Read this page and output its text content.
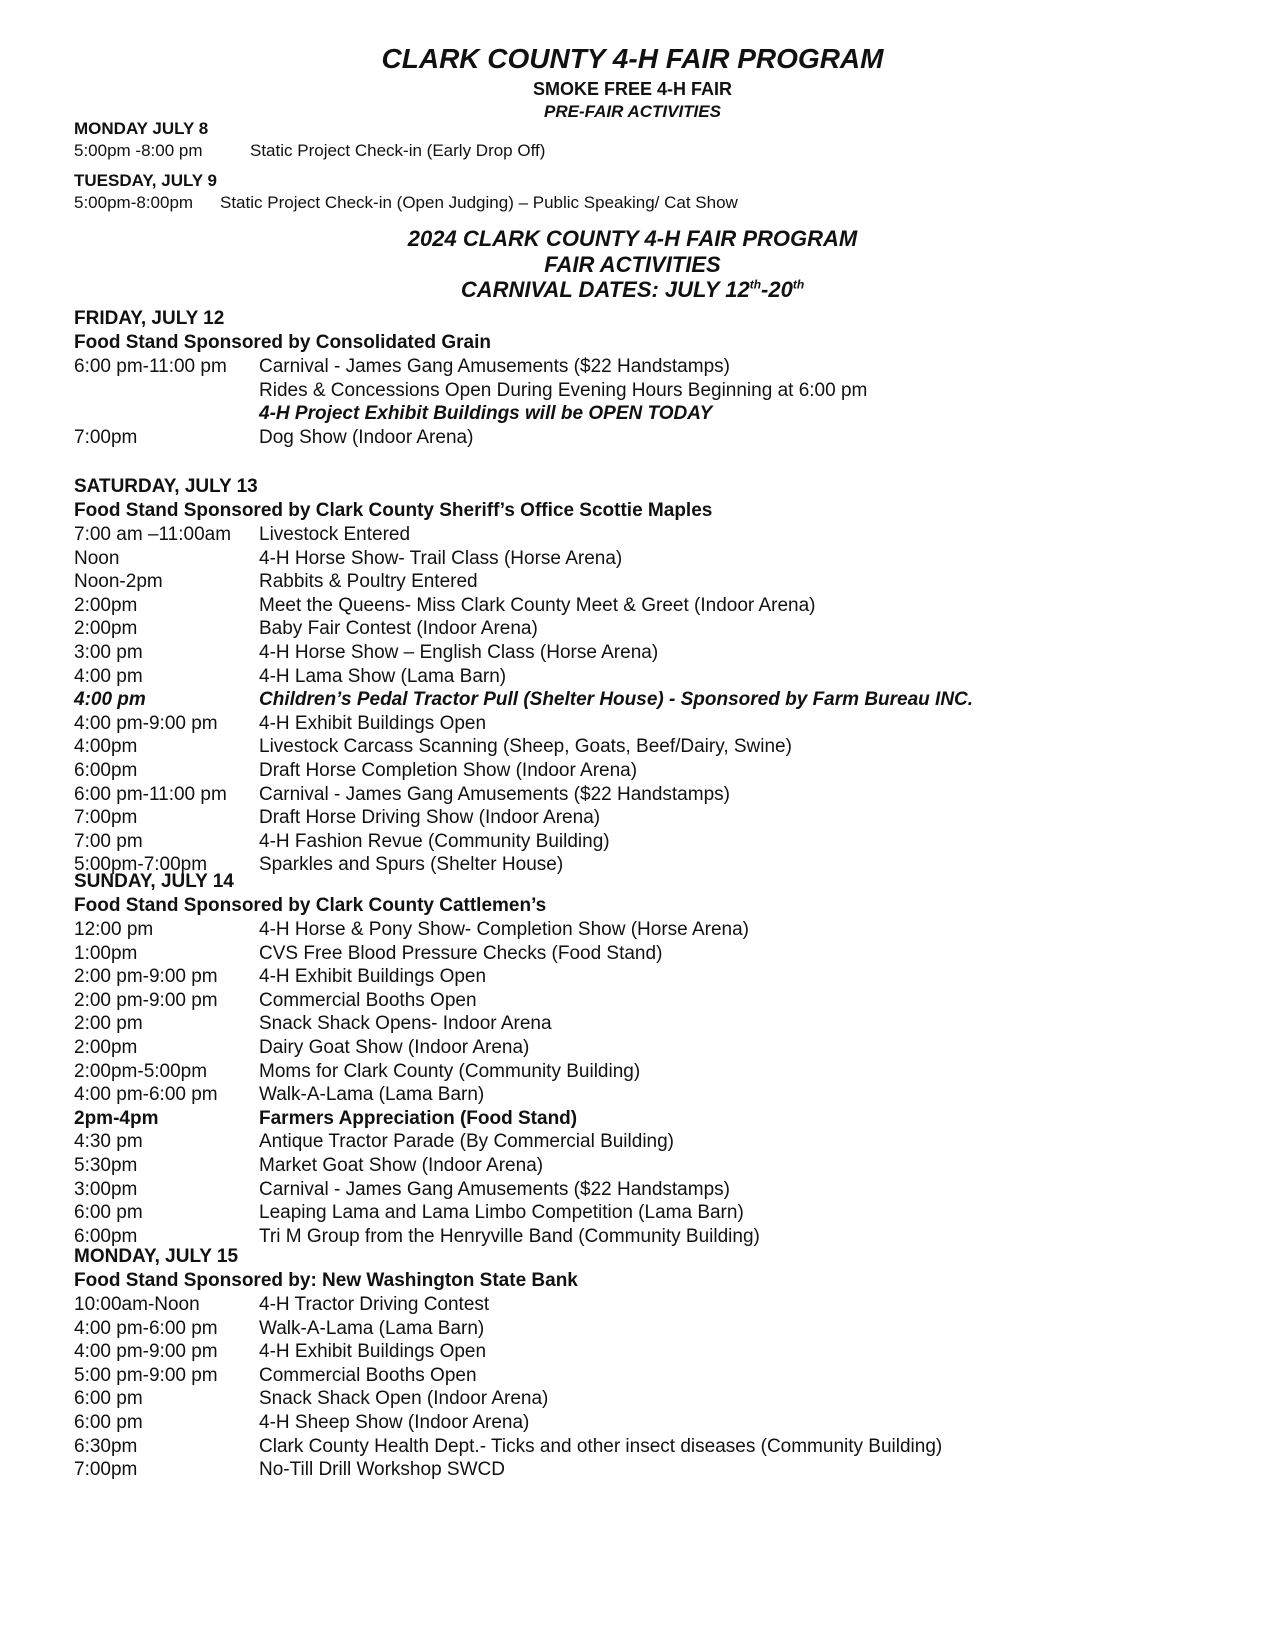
CLARK COUNTY 4-H FAIR PROGRAM
SMOKE FREE 4-H FAIR
PRE-FAIR ACTIVITIES
MONDAY JULY 8
5:00pm -8:00 pm	Static Project Check-in (Early Drop Off)
TUESDAY, JULY 9
5:00pm-8:00pm Static Project Check-in (Open Judging) – Public Speaking/ Cat Show
2024 CLARK COUNTY 4-H FAIR PROGRAM
FAIR ACTIVITIES
CARNIVAL DATES: JULY 12th-20th
FRIDAY, JULY 12
Food Stand Sponsored by Consolidated Grain
6:00 pm-11:00 pm	Carnival - James Gang Amusements ($22 Handstamps)
Rides & Concessions Open During Evening Hours Beginning at 6:00 pm
4-H Project Exhibit Buildings will be OPEN TODAY
7:00pm	Dog Show (Indoor Arena)
SATURDAY, JULY 13
Food Stand Sponsored by Clark County Sheriff’s Office Scottie Maples
7:00 am –11:00am	Livestock Entered
Noon	4-H Horse Show- Trail Class (Horse Arena)
Noon-2pm	Rabbits & Poultry Entered
2:00pm	Meet the Queens- Miss Clark County Meet & Greet (Indoor Arena)
2:00pm	Baby Fair Contest (Indoor Arena)
3:00 pm	4-H Horse Show – English Class (Horse Arena)
4:00 pm	4-H Lama Show (Lama Barn)
4:00 pm	Children’s Pedal Tractor Pull (Shelter House) - Sponsored by Farm Bureau INC.
4:00 pm-9:00 pm	4-H Exhibit Buildings Open
4:00pm	Livestock Carcass Scanning (Sheep, Goats, Beef/Dairy, Swine)
6:00pm	Draft Horse Completion Show (Indoor Arena)
6:00 pm-11:00 pm	Carnival - James Gang Amusements ($22 Handstamps)
7:00pm	Draft Horse Driving Show (Indoor Arena)
7:00 pm	4-H Fashion Revue (Community Building)
5:00pm-7:00pm	Sparkles and Spurs (Shelter House)
SUNDAY, JULY 14
Food Stand Sponsored by Clark County Cattlemen’s
12:00 pm	4-H Horse & Pony Show- Completion Show (Horse Arena)
1:00pm	CVS Free Blood Pressure Checks (Food Stand)
2:00 pm-9:00 pm	4-H Exhibit Buildings Open
2:00 pm-9:00 pm	Commercial Booths Open
2:00 pm	Snack Shack Opens- Indoor Arena
2:00pm	Dairy Goat Show (Indoor Arena)
2:00pm-5:00pm	Moms for Clark County (Community Building)
4:00 pm-6:00 pm	Walk-A-Lama (Lama Barn)
2pm-4pm	Farmers Appreciation (Food Stand)
4:30 pm	Antique Tractor Parade (By Commercial Building)
5:30pm	Market Goat Show (Indoor Arena)
3:00pm	Carnival - James Gang Amusements ($22 Handstamps)
6:00 pm	Leaping Lama and Lama Limbo Competition (Lama Barn)
6:00pm	Tri M Group from the Henryville Band (Community Building)
MONDAY, JULY 15
Food Stand Sponsored by: New Washington State Bank
10:00am-Noon	4-H Tractor Driving Contest
4:00 pm-6:00 pm	Walk-A-Lama (Lama Barn)
4:00 pm-9:00 pm	4-H Exhibit Buildings Open
5:00 pm-9:00 pm	Commercial Booths Open
6:00 pm	Snack Shack Open (Indoor Arena)
6:00 pm	4-H Sheep Show (Indoor Arena)
6:30pm	Clark County Health Dept.- Ticks and other insect diseases (Community Building)
7:00pm	No-Till Drill Workshop SWCD
